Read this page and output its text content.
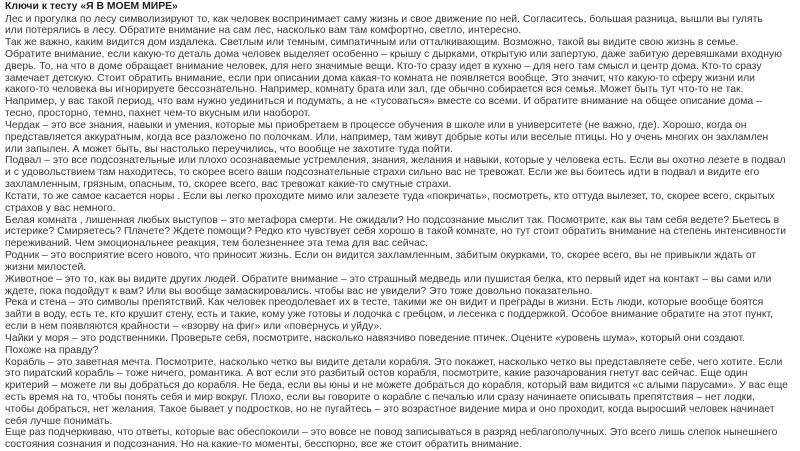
Ключи к тесту «Я В МОЕМ МИРЕ»
Лес и прогулка по лесу символизируют то, как человек воспринимает саму жизнь и свое движение по ней. Согласитесь, большая разница, вышли вы гулять
или потерялись в лесу. Обратите внимание на сам лес, насколько вам там комфортно, светло, интересно.
Так же важно, каким видится дом издалека. Светлым или темным, симпатичным или отталкивающим. Возможно, такой вы видите свою жизнь в семье.
Обратите внимание, если какую-то деталь дома человек выделяет особенно – крышу с дырками, открытую или запертую, даже забитую деревяшками входную
дверь. То, на что в доме обращает внимание человек, для него значимые вещи. Кто-то сразу идет в кухню – для него там смысл и центр дома. Кто-то сразу
замечает детскую. Стоит обратить внимание, если при описании дома какая-то комната не появляется вообще. Это значит, что какую-то сферу жизни или
какого-то человека вы игнорируете бессознательно. Например, комнату брата или зал, где обычно собирается вся семья. Может быть тут что-то не так.
Например, у вас такой период, что вам нужно уединиться и подумать, а не «тусоваться» вместе со всеми. И обратите внимание на общее описание дома –
тесно, просторно, темно, пахнет чем-то вкусным или наоборот.
Чердак – это все знания, навыки и умения, которые мы приобретаем в процессе обучения в школе или в университете (не важно, где). Хорошо, когда он
представляется аккуратным, когда все разложено по полочкам. Или, например, там живут добрые коты или веселые птицы. Но у очень многих он захламлен
или запылен. А может быть, вы настолько переучились, что вообще не захотите туда пойти.
Подвал – это все подсознательные или плохо осознаваемые устремления, знания, желания и навыки, которые у человека есть. Если вы охотно лезете в подвал
и с удовольствием там находитесь, то скорее всего ваши подсознательные страхи сильно вас не тревожат. Если же вы боитесь идти в подвал и видите его
захламленным, грязным, опасным, то, скорее всего, вас тревожат какие-то смутные страхи.
Кстати, то же самое касается норы . Если вы легко проходите мимо или залезете туда «покричать», посмотреть, кто оттуда вылезет, то, скорее всего, скрытых
страхов у вас немного.
Белая комната , лишенная любых выступов – это метафора смерти. Не ожидали? Но подсознание мыслит так. Посмотрите, как вы там себя ведете? Бьетесь в
истерике? Смиряетесь? Плачете? Ждете помощи? Редко кто чувствует себя хорошо в такой комнате, но тут стоит обратить внимание на степень интенсивности
переживаний. Чем эмоциональнее реакция, тем болезненнее эта тема для вас сейчас.
Родник – это восприятие всего нового, что приносит жизнь. Если он видится захламленным, забитым окурками, то, скорее всего, вы не привыкли ждать от
жизни милостей.
Животное – это то, как вы видите других людей. Обратите внимание – это страшный медведь или пушистая белка, кто первый идет на контакт – вы сами или
ждете, пока подойдут к вам? Или вы вообще замаскировались. чтобы вас не увидели? Это тоже довольно показательно.
Река и стена – это символы препятствий. Как человек преодолевает их в тесте, такими же он видит и преграды в жизни. Есть люди, которые вообще боятся
зайти в воду, есть те, кто крушит стену, есть и такие, кому уже готовы и лодочка с гребцом, и лесенка с поддержкой. Особое внимание обратите на этот пункт,
если в нем появляются крайности – «взорву на фиг» или «повернусь и уйду».
Чайки у моря – это родственники. Проверьте себя, посмотрите, насколько навязчиво поведение птичек. Оцените «уровень шума», который они создают.
Похоже на правду?
Корабль – это заветная мечта. Посмотрите, насколько четко вы видите детали корабля. Это покажет, насколько четко вы представляете себе, чего хотите. Если
это пиратский корабль – тоже ничего, романтика. А вот если это разбитый остов корабля, посмотрите, какие разочарования гнетут вас сейчас. Еще один
критерий – можете ли вы добраться до корабля. Не беда, если вы юны и не можете добраться до корабля, который вам видится «с алыми парусами». У вас еще
есть время на то, чтобы понять себя и мир вокруг. Плохо, если вы говорите о корабле с печалью или сразу начинаете описывать препятствия – нет лодки,
чтобы добраться, нет желания. Такое бывает у подростков, но не пугайтесь – это возрастное видение мира и оно проходит, когда выросший человек начинает
себя лучше понимать.
Еще раз подчеркиваю, что ответы, которые вас обеспокоили – это вовсе не повод записываться в разряд неблагополучных. Это всего лишь слепок нынешнего
состояния сознания и подсознания. Но на какие-то моменты, бесспорно, все же стоит обратить внимание.
